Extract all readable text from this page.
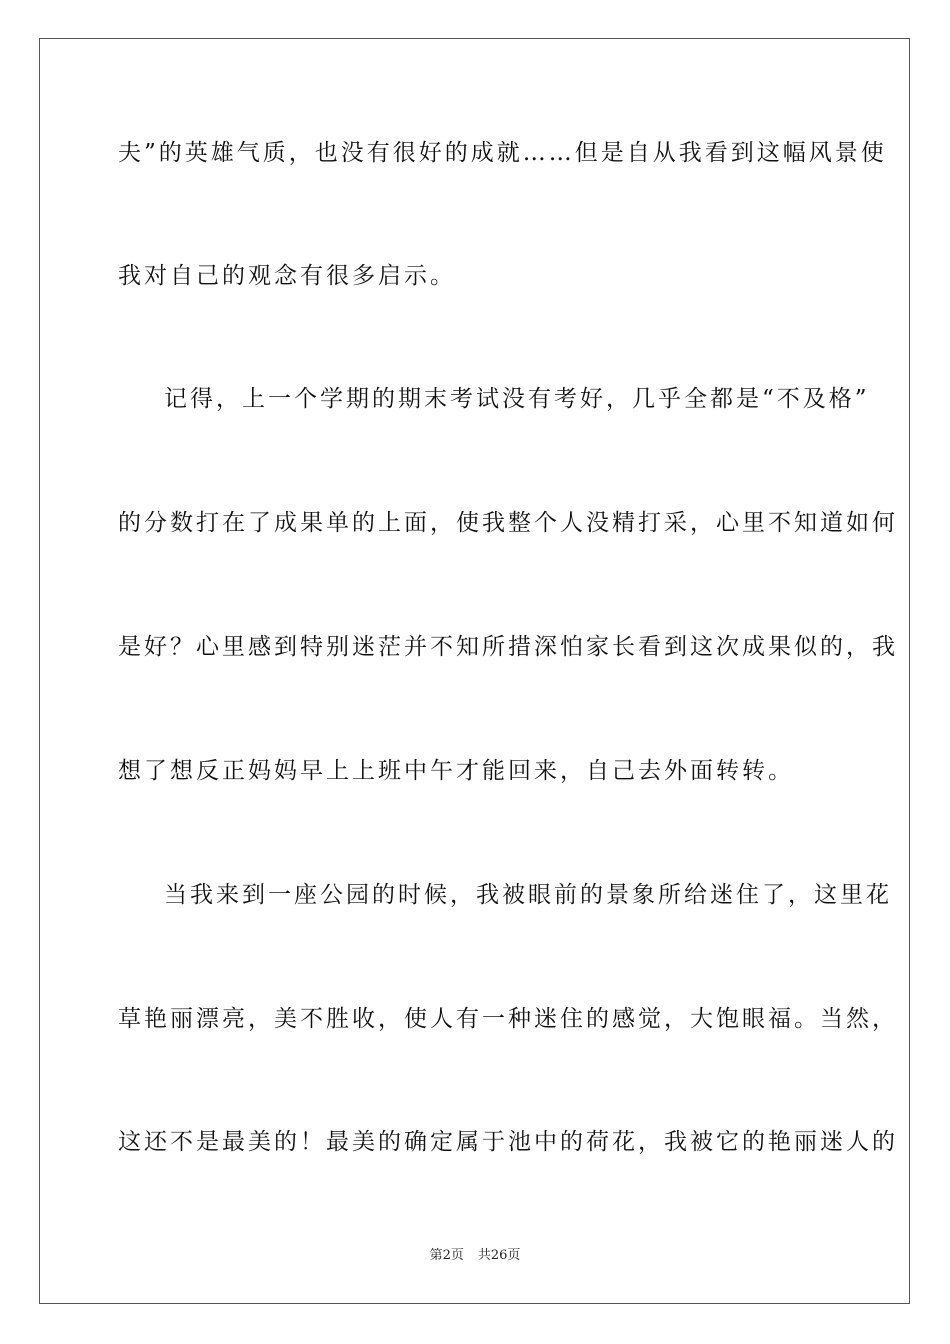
夫”的英雄气质，也没有很好的成就……但是自从我看到这幅风景使
我对自己的观念有很多启示。
记得，上一个学期的期末考试没有考好，几乎全都是“不及格”
的分数打在了成果单的上面，使我整个人没精打采，心里不知道如何
是好？心里感到特别迷茫并不知所措深怕家长看到这次成果似的，我
想了想反正妈妈早上上班中午才能回来，自己去外面转转。
当我来到一座公园的时候，我被眼前的景象所给迷住了，这里花
草艳丽漂亮，美不胜收，使人有一种迷住的感觉，大饱眼福。当然，
这还不是最美的！最美的确定属于池中的荷花，我被它的艳丽迷人的
第2页 共26页
